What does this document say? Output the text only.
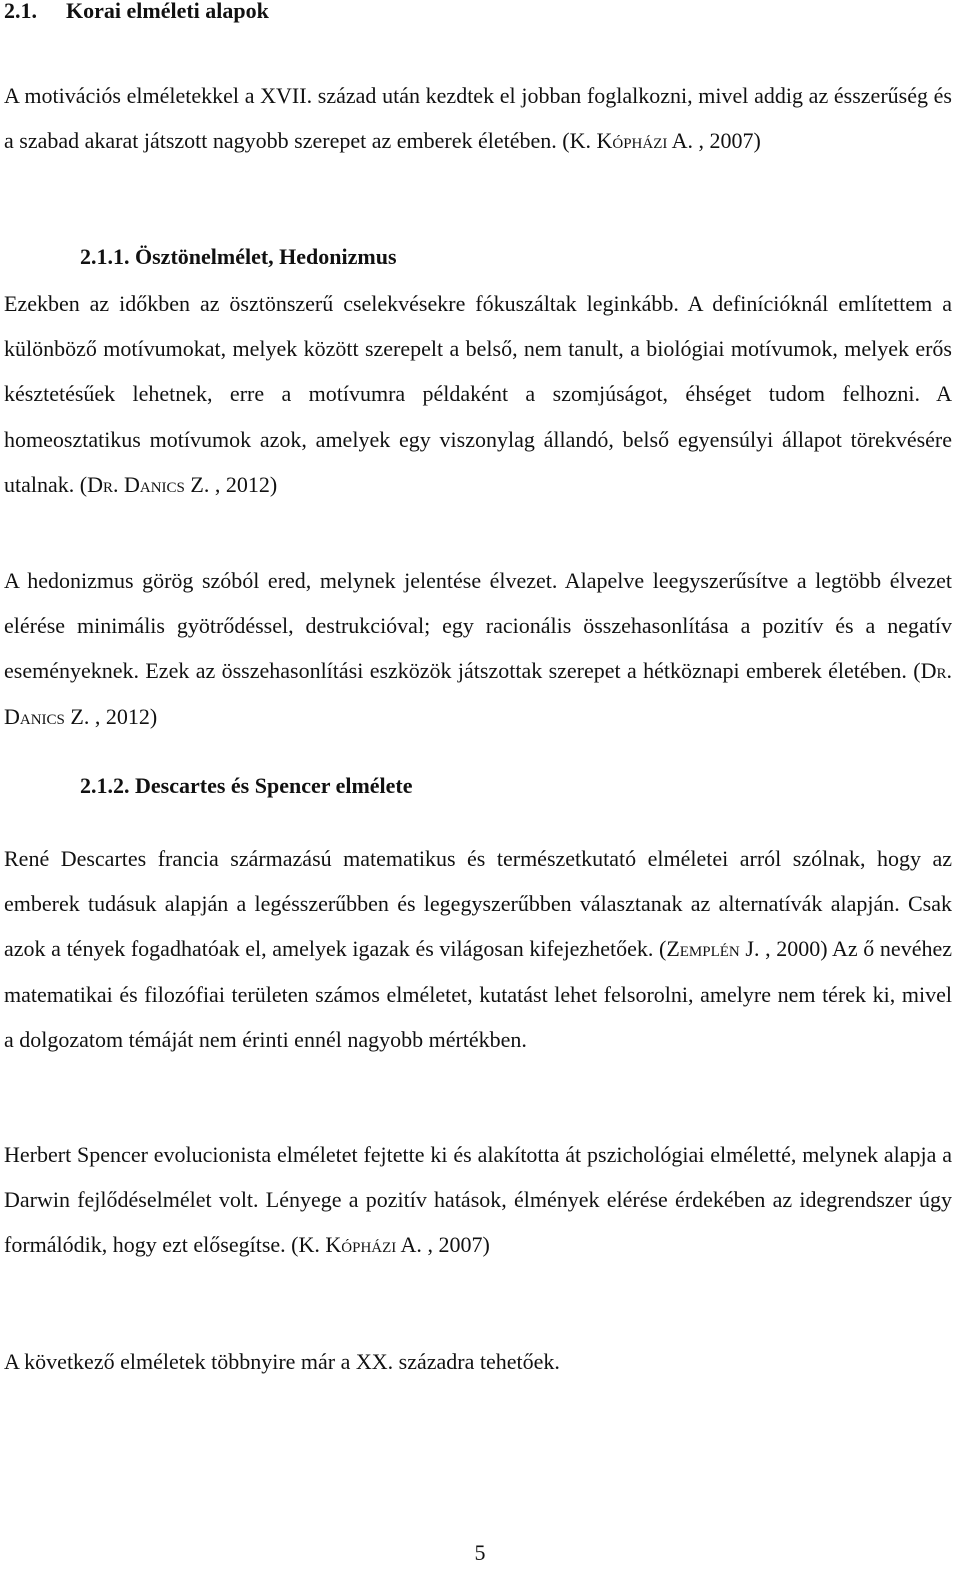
2.1. Korai elméleti alapok
A motivációs elméletekkel a XVII. század után kezdtek el jobban foglalkozni, mivel addig az ésszerűség és a szabad akarat játszott nagyobb szerepet az emberek életében. (K. Kópházi A. , 2007)
2.1.1. Ösztönelmélet, Hedonizmus
Ezekben az időkben az ösztönszerű cselekvésekre fókuszáltak leginkább. A definícióknál említettem a különböző motívumokat, melyek között szerepelt a belső, nem tanult, a biológiai motívumok, melyek erős késztetésűek lehetnek, erre a motívumra példaként a szomjúságot, éhséget tudom felhozni. A homeosztatikus motívumok azok, amelyek egy viszonylag állandó, belső egyensúlyi állapot törekvésére utalnak. (Dr. Danics Z. , 2012)
A hedonizmus görög szóból ered, melynek jelentése élvezet. Alapelve leegyszerűsítve a legtöbb élvezet elérése minimális gyötrődéssel, destrukcióval; egy racionális összehasonlítása a pozitív és a negatív eseményeknek. Ezek az összehasonlítási eszközök játszottak szerepet a hétköznapi emberek életében. (Dr. Danics Z. , 2012)
2.1.2. Descartes és Spencer elmélete
René Descartes francia származású matematikus és természetkutató elméletei arról szólnak, hogy az emberek tudásuk alapján a legésszerűbben és legegyszerűbben választanak az alternatívák alapján. Csak azok a tények fogadhatóak el, amelyek igazak és világosan kifejezhetőek. (Zemplén J. , 2000) Az ő nevéhez matematikai és filozófiai területen számos elméletet, kutatást lehet felsorolni, amelyre nem térek ki, mivel a dolgozatom témáját nem érinti ennél nagyobb mértékben.
Herbert Spencer evolucionista elméletet fejtette ki és alakította át pszichológiai elméletté, melynek alapja a Darwin fejlődéselmélet volt. Lényege a pozitív hatások, élmények elérése érdekében az idegrendszer úgy formálódik, hogy ezt elősegítse. (K. Kópházi A. , 2007)
A következő elméletek többnyire már a XX. századra tehetőek.
5
